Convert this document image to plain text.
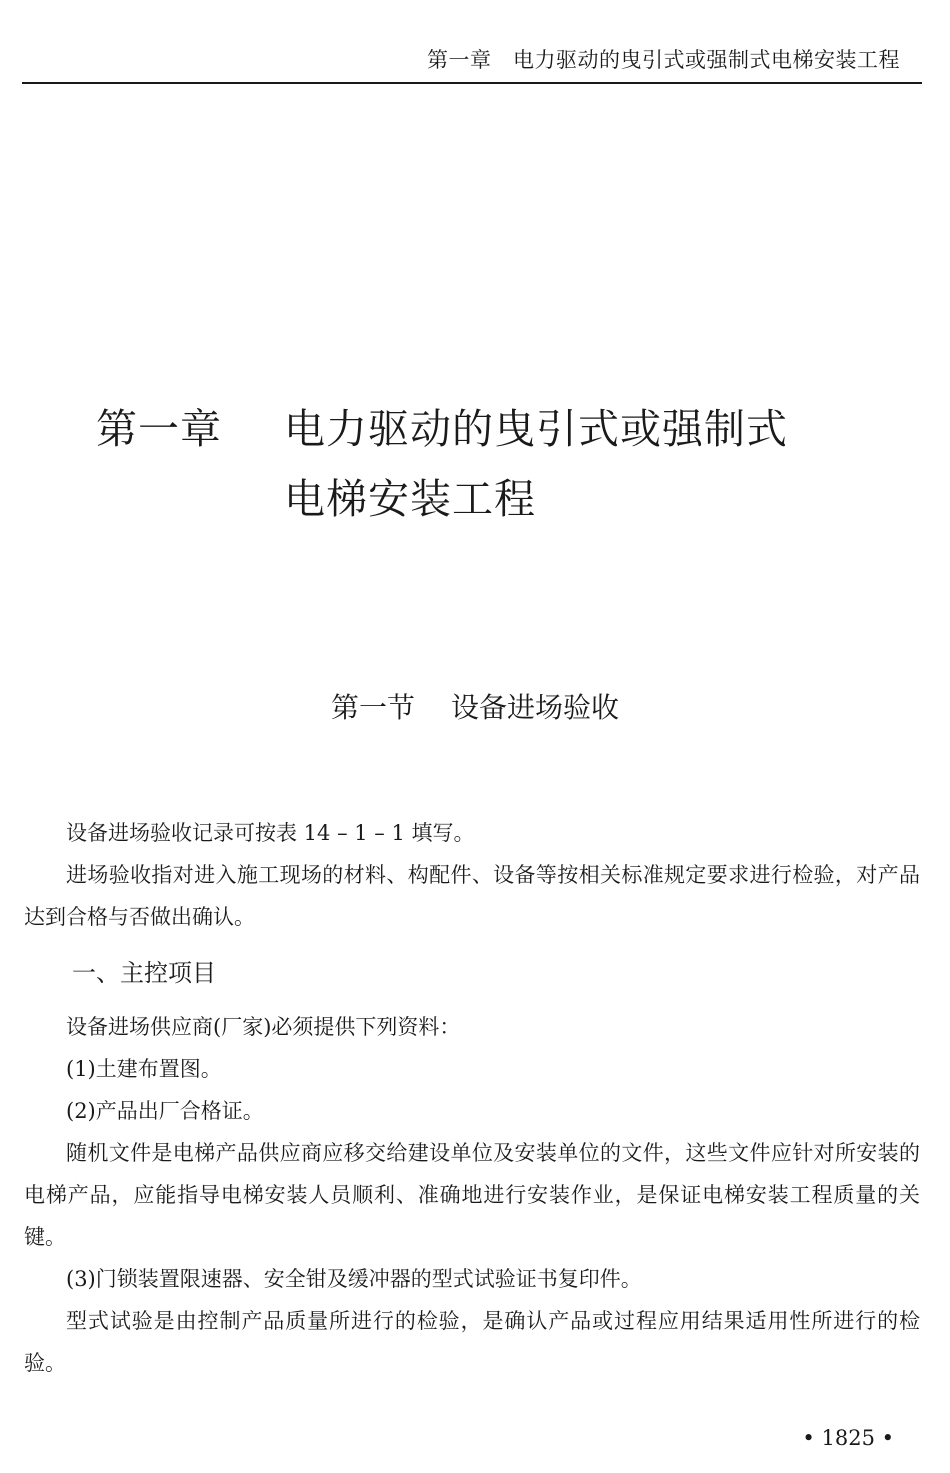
第一章　电力驱动的曳引式或强制式电梯安装工程
第一章 电力驱动的曳引式或强制式
电梯安装工程
第一节 设备进场验收

设备进场验收记录可按表 14 – 1 – 1 填写。

进场验收指对进入施工现场的材料、构配件、设备等按相关标准规定要求进行检验，对产品达到合格与否做出确认。

一、主控项目

设备进场供应商(厂家)必须提供下列资料：

(1)土建布置图。

(2)产品出厂合格证。

随机文件是电梯产品供应商应移交给建设单位及安装单位的文件，这些文件应针对所安装的电梯产品，应能指导电梯安装人员顺利、准确地进行安装作业，是保证电梯安装工程质量的关键。

(3)门锁装置限速器、安全钳及缓冲器的型式试验证书复印件。

型式试验是由控制产品质量所进行的检验，是确认产品或过程应用结果适用性所进行的检验。

• 1825 •
